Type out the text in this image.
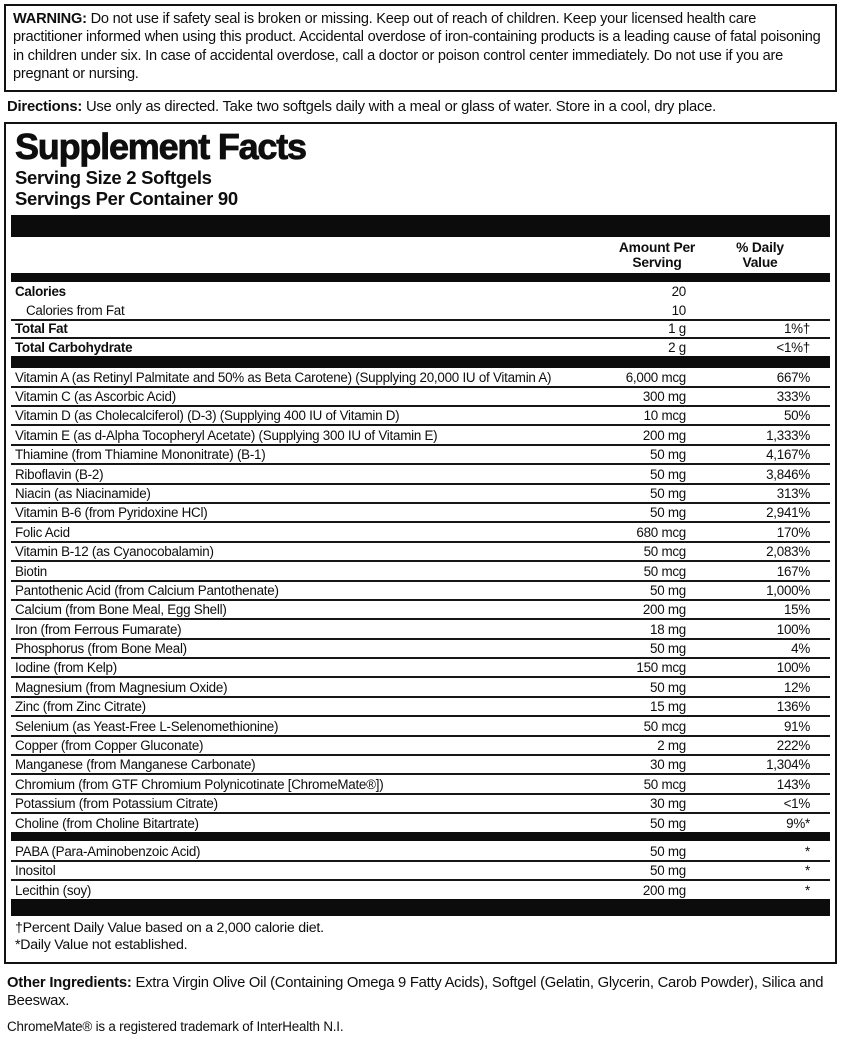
WARNING: Do not use if safety seal is broken or missing. Keep out of reach of children. Keep your licensed health care practitioner informed when using this product. Accidental overdose of iron-containing products is a leading cause of fatal poisoning in children under six. In case of accidental overdose, call a doctor or poison control center immediately. Do not use if you are pregnant or nursing.
Directions: Use only as directed. Take two softgels daily with a meal or glass of water. Store in a cool, dry place.
Supplement Facts
Serving Size 2 Softgels
Servings Per Container 90
Amount Per
Serving
% Daily
Value
Calories	20
Calories from Fat	10
Total Fat	1 g	1%†
Total Carbohydrate	2 g	<1%†
Vitamin A (as Retinyl Palmitate and 50% as Beta Carotene) (Supplying 20,000 IU of Vitamin A)	6,000 mcg	667%
Vitamin C (as Ascorbic Acid)	300 mg	333%
Vitamin D (as Cholecalciferol) (D-3) (Supplying 400 IU of Vitamin D)	10 mcg	50%
Vitamin E (as d-Alpha Tocopheryl Acetate) (Supplying 300 IU of Vitamin E)	200 mg	1,333%
Thiamine (from Thiamine Mononitrate) (B-1)	50 mg	4,167%
Riboflavin (B-2)	50 mg	3,846%
Niacin (as Niacinamide)	50 mg	313%
Vitamin B-6 (from Pyridoxine HCl)	50 mg	2,941%
Folic Acid	680 mcg	170%
Vitamin B-12 (as Cyanocobalamin)	50 mcg	2,083%
Biotin	50 mcg	167%
Pantothenic Acid (from Calcium Pantothenate)	50 mg	1,000%
Calcium (from Bone Meal, Egg Shell)	200 mg	15%
Iron (from Ferrous Fumarate)	18 mg	100%
Phosphorus (from Bone Meal)	50 mg	4%
Iodine (from Kelp)	150 mcg	100%
Magnesium (from Magnesium Oxide)	50 mg	12%
Zinc (from Zinc Citrate)	15 mg	136%
Selenium (as Yeast-Free L-Selenomethionine)	50 mcg	91%
Copper (from Copper Gluconate)	2 mg	222%
Manganese (from Manganese Carbonate)	30 mg	1,304%
Chromium (from GTF Chromium Polynicotinate [ChromeMate®])	50 mcg	143%
Potassium (from Potassium Citrate)	30 mg	<1%
Choline (from Choline Bitartrate)	50 mg	9%*
PABA (Para-Aminobenzoic Acid)	50 mg	*
Inositol	50 mg	*
Lecithin (soy)	200 mg	*
†Percent Daily Value based on a 2,000 calorie diet.
*Daily Value not established.

Other Ingredients: Extra Virgin Olive Oil (Containing Omega 9 Fatty Acids), Softgel (Gelatin, Glycerin, Carob Powder), Silica and Beeswax.

ChromeMate® is a registered trademark of InterHealth N.I.
